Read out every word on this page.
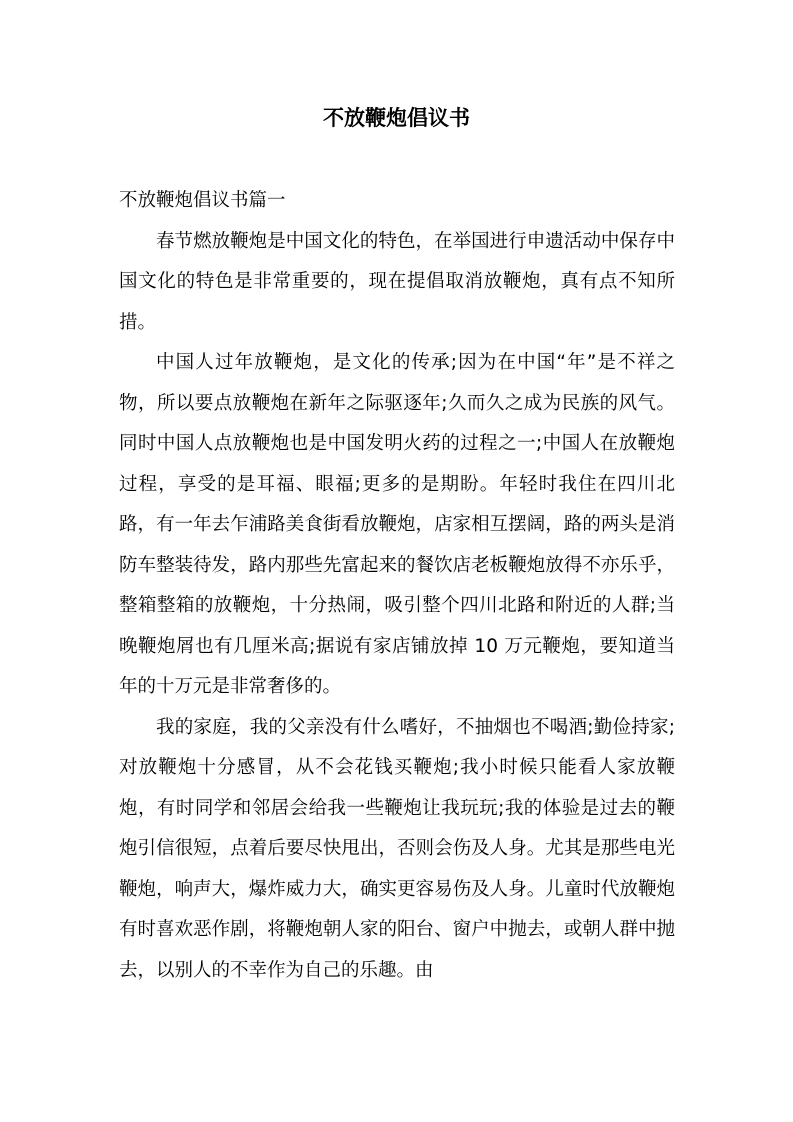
不放鞭炮倡议书

不放鞭炮倡议书篇一

春节燃放鞭炮是中国文化的特色，在举国进行申遗活动中保存中国文化的特色是非常重要的，现在提倡取消放鞭炮，真有点不知所措。

中国人过年放鞭炮，是文化的传承;因为在中国“年”是不祥之物，所以要点放鞭炮在新年之际驱逐年;久而久之成为民族的风气。同时中国人点放鞭炮也是中国发明火药的过程之一;中国人在放鞭炮过程，享受的是耳福、眼福;更多的是期盼。年轻时我住在四川北路，有一年去乍浦路美食街看放鞭炮，店家相互摆阔，路的两头是消防车整装待发，路内那些先富起来的餐饮店老板鞭炮放得不亦乐乎，整箱整箱的放鞭炮，十分热闹，吸引整个四川北路和附近的人群;当晚鞭炮屑也有几厘米高;据说有家店铺放掉 10 万元鞭炮，要知道当年的十万元是非常奢侈的。

我的家庭，我的父亲没有什么嗜好，不抽烟也不喝酒;勤俭持家;对放鞭炮十分感冒，从不会花钱买鞭炮;我小时候只能看人家放鞭炮，有时同学和邻居会给我一些鞭炮让我玩玩;我的体验是过去的鞭炮引信很短，点着后要尽快甩出，否则会伤及人身。尤其是那些电光鞭炮，响声大，爆炸威力大，确实更容易伤及人身。儿童时代放鞭炮有时喜欢恶作剧，将鞭炮朝人家的阳台、窗户中抛去，或朝人群中抛去，以别人的不幸作为自己的乐趣。由
